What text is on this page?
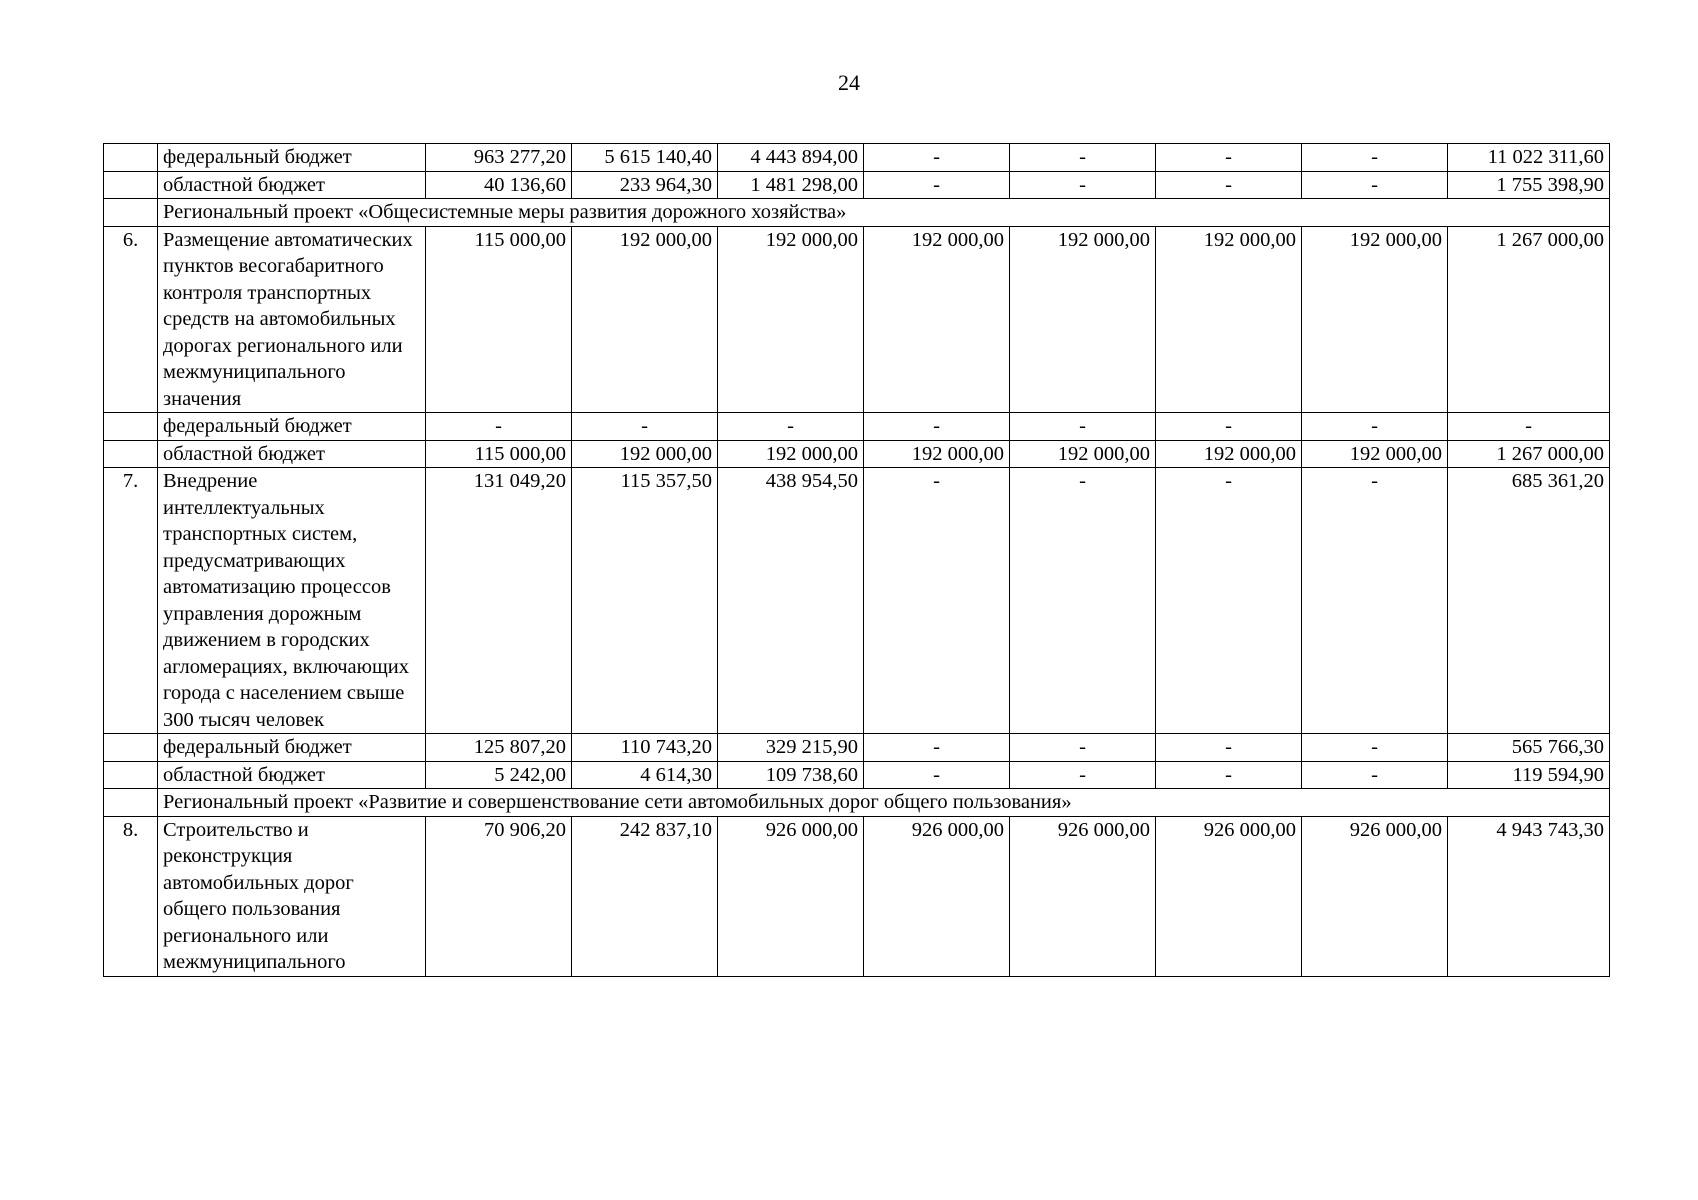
24
	федеральный бюджет	963 277,20	5 615 140,40	4 443 894,00	-	-	-	-	11 022 311,60
	областной бюджет	40 136,60	233 964,30	1 481 298,00	-	-	-	-	1 755 398,90
	Региональный проект «Общесистемные меры развития дорожного хозяйства»								
6.	Размещение автоматических пунктов весогабаритного контроля транспортных средств на автомобильных дорогах регионального или межмуниципального значения	115 000,00	192 000,00	192 000,00	192 000,00	192 000,00	192 000,00	192 000,00	1 267 000,00
	федеральный бюджет	-	-	-	-	-	-	-	-
	областной бюджет	115 000,00	192 000,00	192 000,00	192 000,00	192 000,00	192 000,00	192 000,00	1 267 000,00
7.	Внедрение интеллектуальных транспортных систем, предусматривающих автоматизацию процессов управления дорожным движением в городских агломерациях, включающих города с населением свыше 300 тысяч человек	131 049,20	115 357,50	438 954,50	-	-	-	-	685 361,20
	федеральный бюджет	125 807,20	110 743,20	329 215,90	-	-	-	-	565 766,30
	областной бюджет	5 242,00	4 614,30	109 738,60	-	-	-	-	119 594,90
	Региональный проект «Развитие и совершенствование сети автомобильных дорог общего пользования»								
8.	Строительство и реконструкция автомобильных дорог общего пользования регионального или межмуниципального	70 906,20	242 837,10	926 000,00	926 000,00	926 000,00	926 000,00	926 000,00	4 943 743,30
